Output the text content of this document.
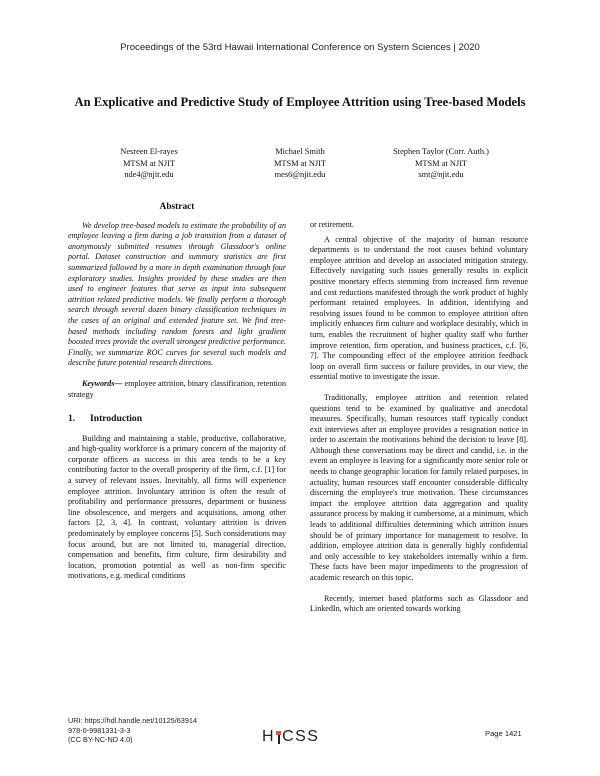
Proceedings of the 53rd Hawaii International Conference on System Sciences | 2020
An Explicative and Predictive Study of Employee Attrition using Tree-based Models
Nesreen El-rayes
MTSM at NJIT
nde4@njit.edu
Michael Smith
MTSM at NJIT
mes6@njit.edu
Stephen Taylor (Corr. Auth.)
MTSM at NJIT
smt@njit.edu
Abstract

We develop tree-based models to estimate the probability of an employee leaving a firm during a job transition from a dataset of anonymously submitted resumes through Glassdoor's online portal. Dataset construction and summary statistics are first summarized followed by a more in depth examination through four exploratory studies. Insights provided by these studies are then used to engineer features that serve as input into subsequent attrition related predictive models. We finally perform a thorough search through several dozen binary classification techniques in the cases of an original and extended feature set. We find tree-based methods including random forests and light gradient boosted trees provide the overall strongest predictive performance. Finally, we summarize ROC curves for several such models and describe future potential research directions.

Keywords— employee attrition, binary classification, retention strategy

1. Introduction

Building and maintaining a stable, productive, collaborative, and high-quality workforce is a primary concern of the majority of corporate officers as success in this area tends to be a key contributing factor to the overall prosperity of the firm, c.f. [1] for a survey of relevant issues. Inevitably, all firms will experience employee attrition. Involuntary attrition is often the result of profitability and performance pressures, department or business line obsolescence, and mergers and acquisitions, among other factors [2, 3, 4]. In contrast, voluntary attrition is driven predominately by employee concerns [5]. Such considerations may focus around, but are not limited to, managerial direction, compensation and benefits, firm culture, firm desirability and location, promotion potential as well as non-firm specific motivations, e.g. medical conditions

or retirement.

A central objective of the majority of human resource departments is to understand the root causes behind voluntary employee attrition and develop an associated mitigation strategy. Effectively navigating such issues generally results in explicit positive monetary effects stemming from increased firm revenue and cost reductions manifested through the work product of highly performant retained employees. In addition, identifying and resolving issues found to be common to employee attrition often implicitly enhances firm culture and workplace desirably, which in turn, enables the recruitment of higher quality staff who further improve retention, firm operation, and business practices, c.f. [6, 7]. The compounding effect of the employee attrition feedback loop on overall firm success or failure provides, in our view, the essential motive to investigate the issue.

Traditionally, employee attrition and retention related questions tend to be examined by qualitative and anecdotal measures. Specifically, human resources staff typically conduct exit interviews after an employee provides a resignation notice in order to ascertain the motivations behind the decision to leave [8]. Although these conversations may be direct and candid, i.e. in the event an employee is leaving for a significantly more senior role or needs to change geographic location for family related purposes, in actuality, human resources staff encounter considerable difficulty discerning the employee's true motivation. These circumstances impact the employee attrition data aggregation and quality assurance process by making it cumbersome, at a minimum, which leads to additional difficulties determining which attrition issues should be of primary importance for management to resolve. In addition, employee attrition data is generally highly confidential and only accessible to key stakeholders internally within a firm. These facts have been major impediments to the progression of academic research on this topic.

Recently, internet based platforms such as Glassdoor and LinkedIn, which are oriented towards working

URI: https://hdl.handle.net/10125/63914
978-0-9981331-3-3
(CC BY-NC-ND 4.0)	H C S S	Page 1421
